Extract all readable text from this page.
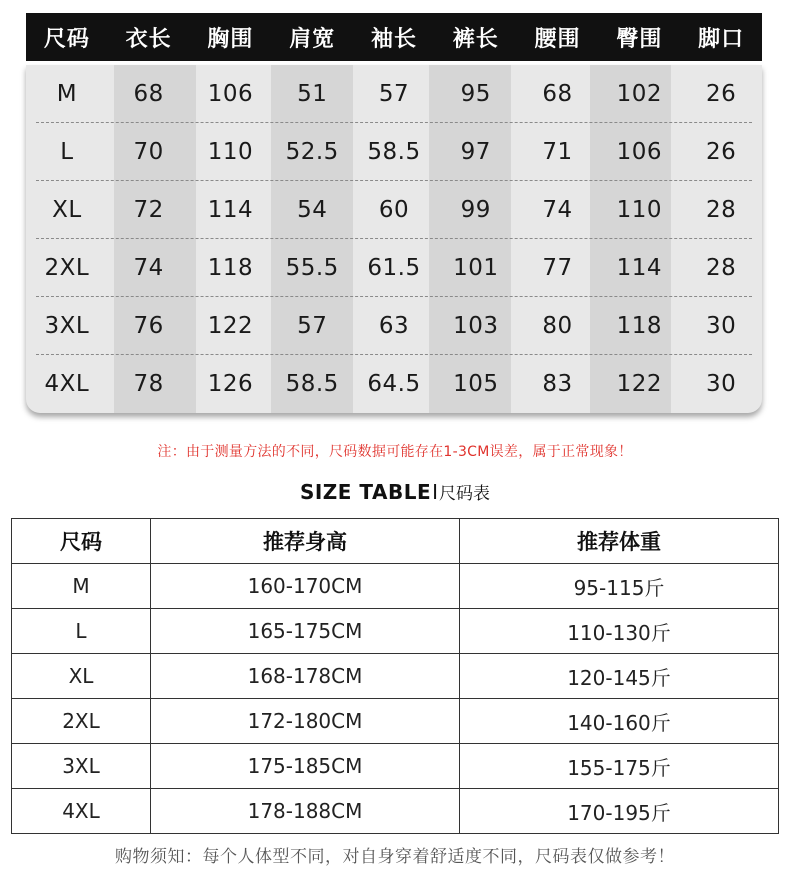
尺码	衣长	胸围	肩宽	袖长	裤长	腰围	臀围	脚口
M	68	106	51	57	95	68	102	26
L	70	110	52.5	58.5	97	71	106	26
XL	72	114	54	60	99	74	110	28
2XL	74	118	55.5	61.5	101	77	114	28
3XL	76	122	57	63	103	80	118	30
4XL	78	126	58.5	64.5	105	83	122	30
注：由于测量方法的不同，尺码数据可能存在1-3CM误差，属于正常现象！
SIZE TABLEI尺码表
尺码	推荐身高	推荐体重
M	160-170CM	95-115斤
L	165-175CM	110-130斤
XL	168-178CM	120-145斤
2XL	172-180CM	140-160斤
3XL	175-185CM	155-175斤
4XL	178-188CM	170-195斤
购物须知：每个人体型不同，对自身穿着舒适度不同，尺码表仅做参考！
